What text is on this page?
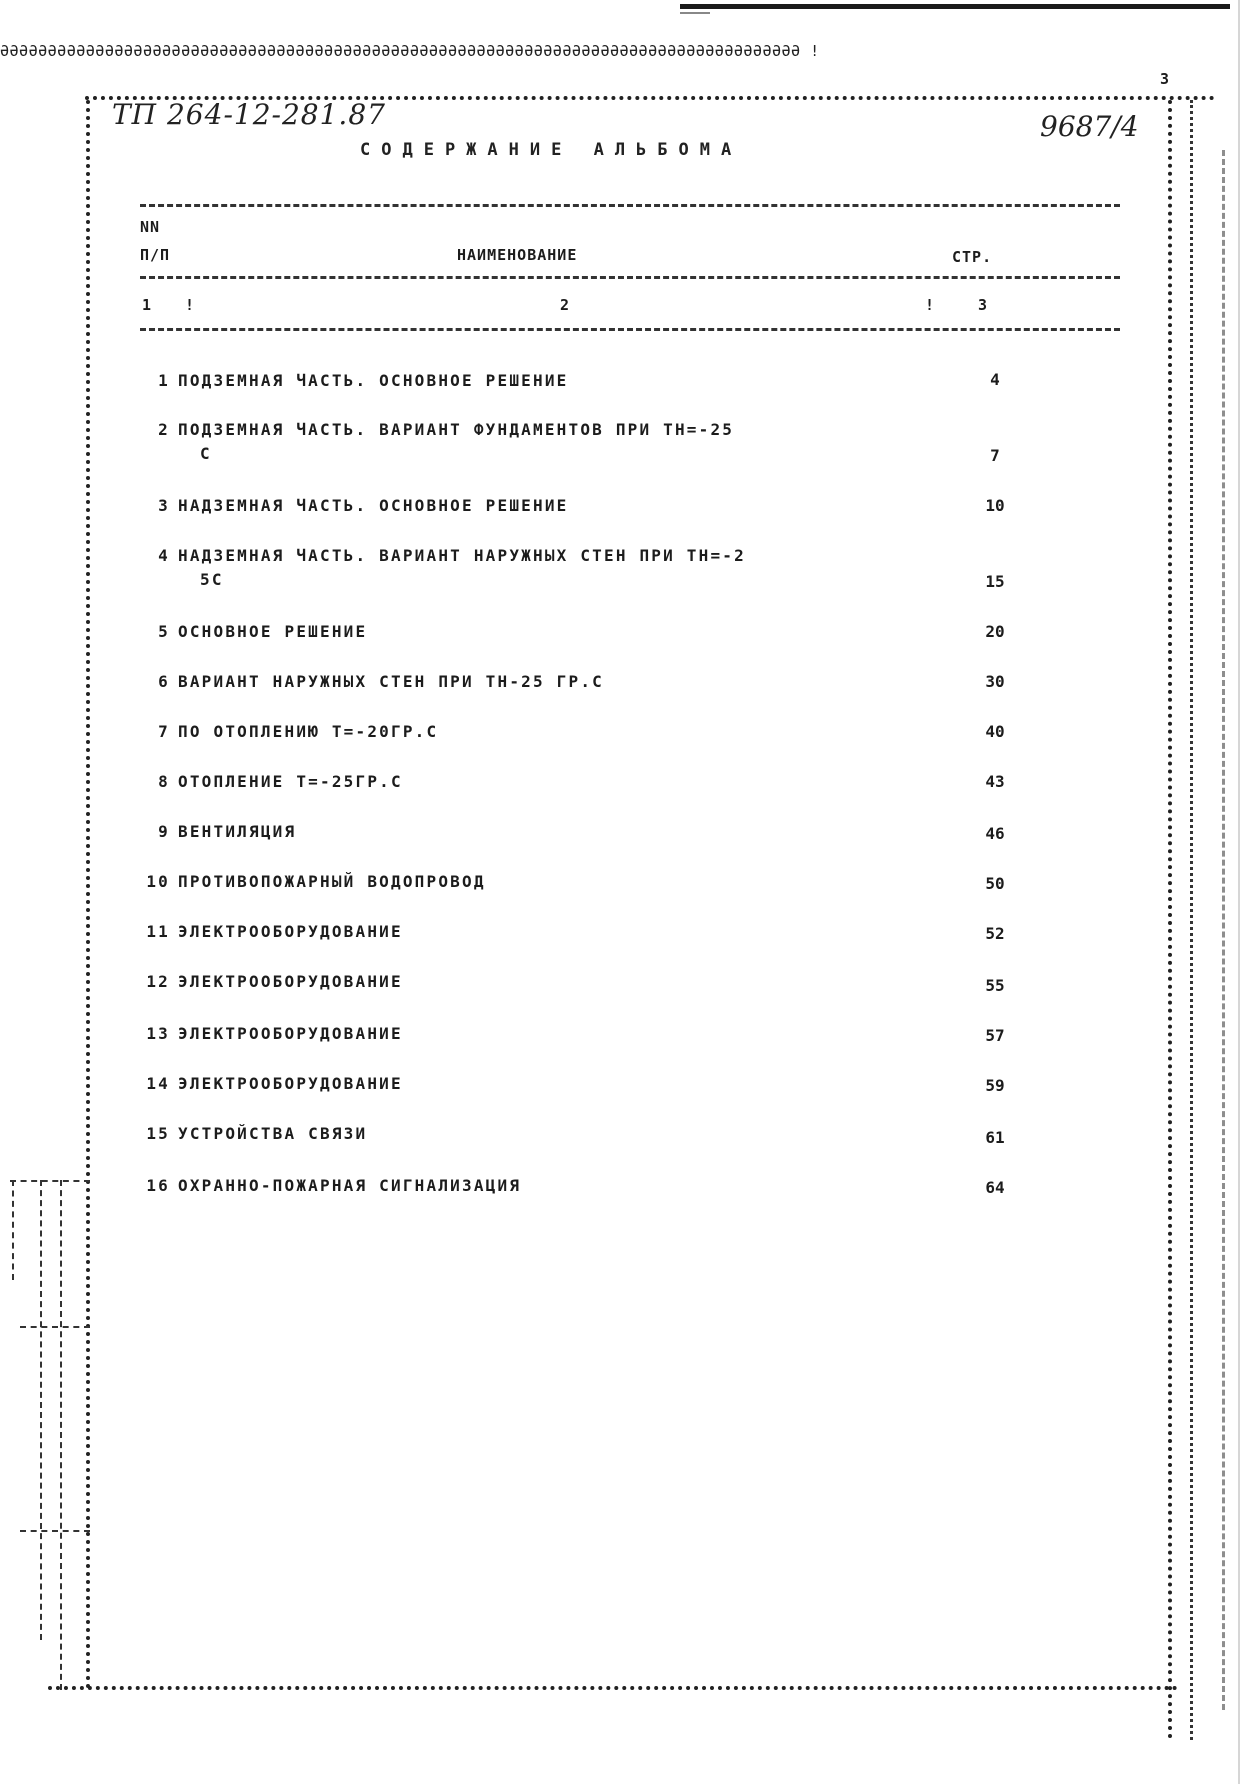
ƏƏƏƏƏƏƏƏƏƏƏƏƏƏƏƏƏƏƏƏƏƏƏƏƏƏƏƏƏƏƏƏƏƏƏƏƏƏƏƏƏƏƏƏƏƏƏƏƏƏƏƏƏƏƏƏƏƏƏƏƏƏƏƏƏƏƏƏƏƏƏƏƏƏƏƏƏƏƏƏƏƏƏƏ !
3
ТП 264-12-281.87	9687/4
СОДЕРЖАНИЕ АЛЬБОМА
NN
П/П	НАИМЕНОВАНИЕ	СТР.
1 !	2	!	3
1 ПОДЗЕМНАЯ ЧАСТЬ. ОСНОВНОЕ РЕШЕНИЕ	4
2 ПОДЗЕМНАЯ ЧАСТЬ. ВАРИАНТ ФУНДАМЕНТОВ ПРИ ТН=-25
С	7
3 НАДЗЕМНАЯ ЧАСТЬ. ОСНОВНОЕ РЕШЕНИЕ	10
4 НАДЗЕМНАЯ ЧАСТЬ. ВАРИАНТ НАРУЖНЫХ СТЕН ПРИ ТН=-2
5С	15
5 ОСНОВНОЕ РЕШЕНИЕ	20
6 ВАРИАНТ НАРУЖНЫХ СТЕН ПРИ ТН-25 ГР.С	30
7 ПО ОТОПЛЕНИЮ Т=-20ГР.С	40
8 ОТОПЛЕНИЕ Т=-25ГР.С	43
9 ВЕНТИЛЯЦИЯ	46
10 ПРОТИВОПОЖАРНЫЙ ВОДОПРОВОД	50
11 ЭЛЕКТРООБОРУДОВАНИЕ	52
12 ЭЛЕКТРООБОРУДОВАНИЕ	55
13 ЭЛЕКТРООБОРУДОВАНИЕ	57
14 ЭЛЕКТРООБОРУДОВАНИЕ	59
15 УСТРОЙСТВА СВЯЗИ	61
16 ОХРАННО-ПОЖАРНАЯ СИГНАЛИЗАЦИЯ	64
